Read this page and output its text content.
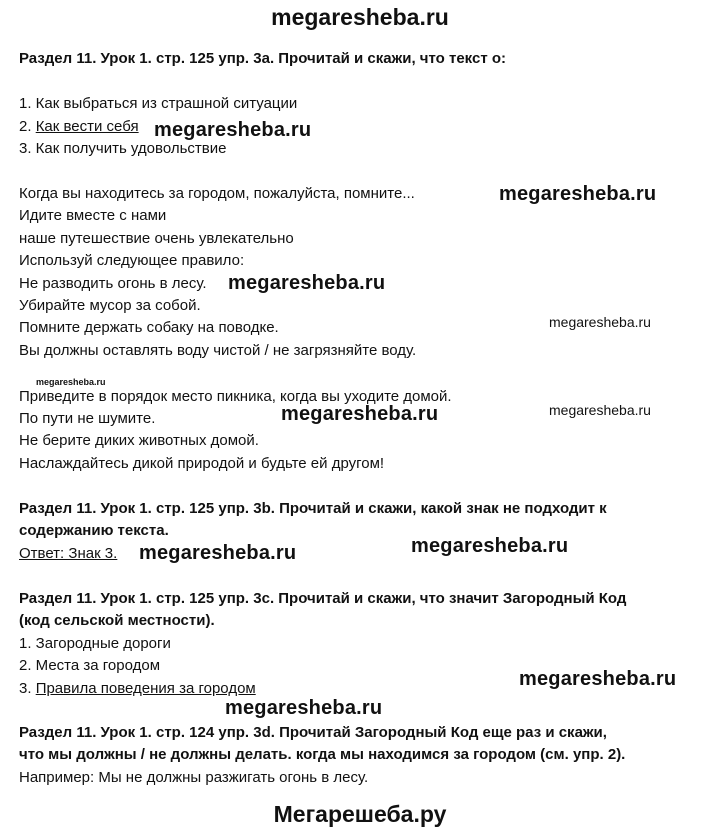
megaresheba.ru
Раздел 11. Урок 1. стр. 125 упр. 3а. Прочитай и скажи, что текст о:
1. Как выбраться из страшной ситуации
2. Как вести себя
3. Как получить удовольствие
Когда вы находитесь за городом, пожалуйста, помните...
Идите вместе с нами
наше путешествие очень увлекательно
Используй следующее правило:
Не разводить огонь в лесу.
Убирайте мусор за собой.
Помните держать собаку на поводке.
Вы должны оставлять воду чистой / не загрязняйте воду.
Приведите в порядок место пикника, когда вы уходите домой.
По пути не шумите.
Не берите диких животных домой.
Наслаждайтесь дикой природой и будьте ей другом!
Раздел 11. Урок 1. стр. 125 упр. 3b. Прочитай и скажи, какой знак не подходит к
содержанию текста.
Ответ: Знак 3.
Раздел 11. Урок 1. стр. 125 упр. 3с. Прочитай и скажи, что значит Загородный Код
(код сельской местности).
1. Загородные дороги
2. Места за городом
3. Правила поведения за городом
Раздел 11. Урок 1. стр. 124 упр. 3d. Прочитай Загородный Код еще раз и скажи,
что мы должны / не должны делать. когда мы находимся за городом (см. упр. 2).
Например: Мы не должны разжигать огонь в лесу.
Мегарешеба.ру
megaresheba.ru
megaresheba.ru
megaresheba.ru
megaresheba.ru
megaresheba.ru
megaresheba.ru	megaresheba.ru
megaresheba.ru	megaresheba.ru
megaresheba.ru
megaresheba.ru
